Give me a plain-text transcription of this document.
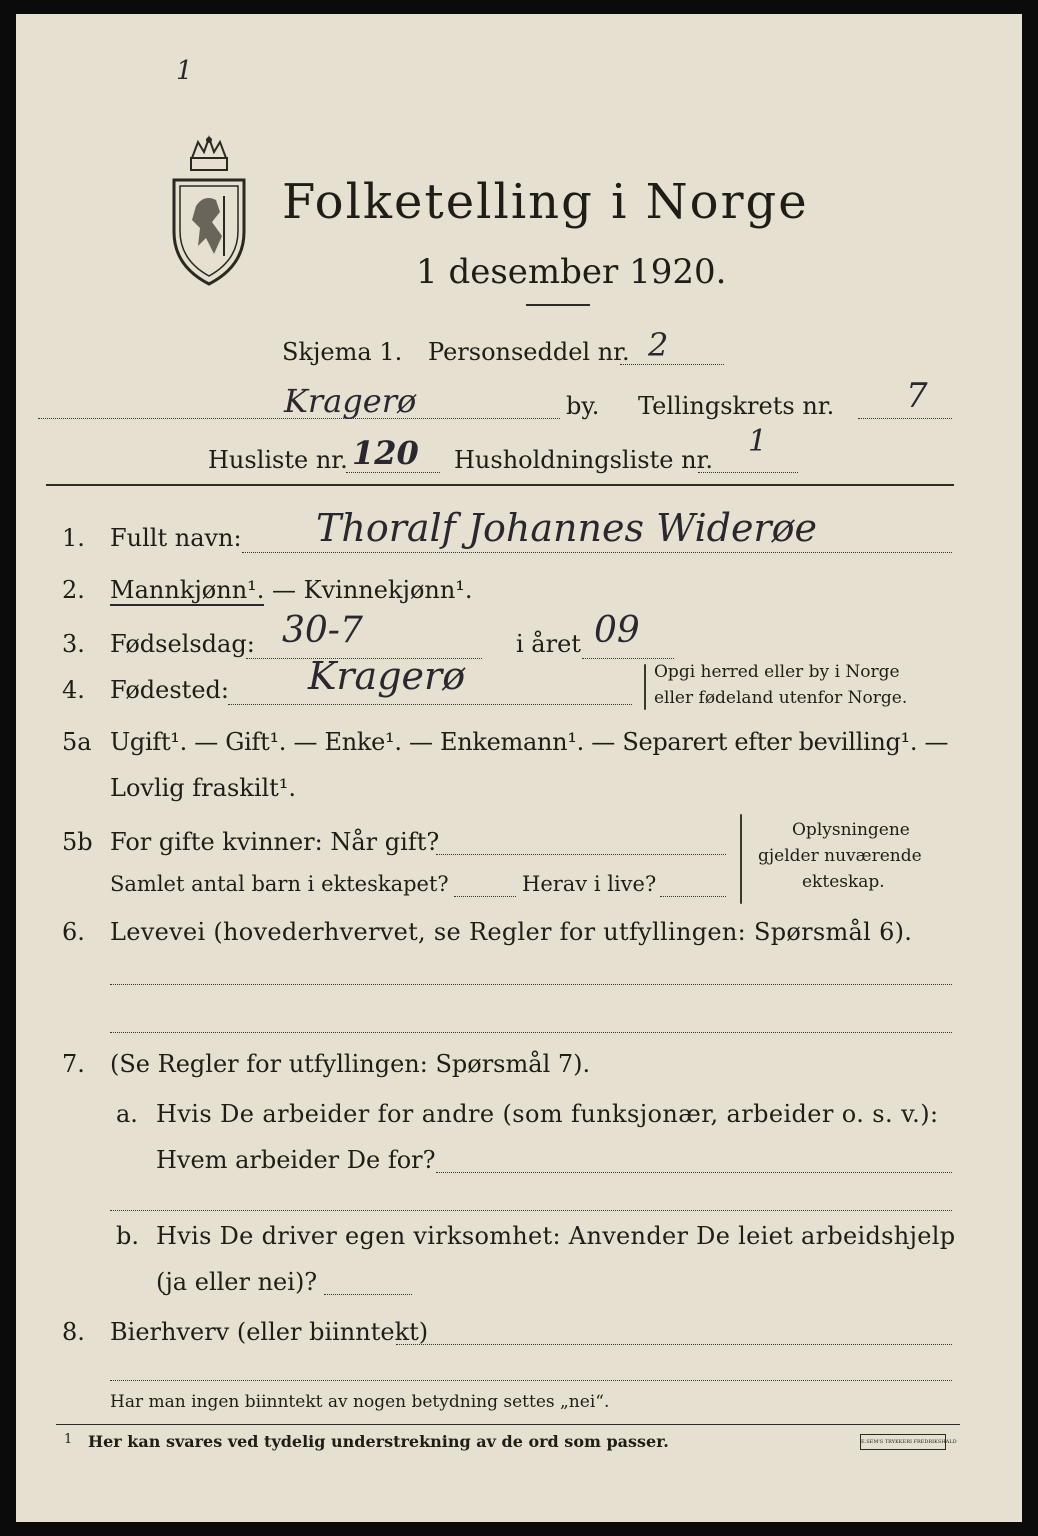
1
Folketelling i Norge
1 desember 1920.
Skjema 1. Personseddel nr. 2
Kragerø	by. Tellingskrets nr. 7
Husliste nr. 120 Husholdningsliste nr.
1
1. Fullt navn: Thoralf Johannes Widerøe
2. Mannkjønn¹. — Kvinnekjønn¹.
3. Fødselsdag: 30-7	i året 09
4. Fødested: Kragerø	Opgi herred eller by i Norge
eller fødeland utenfor Norge.
5a Ugift¹. — Gift¹. — Enke¹. — Enkemann¹. — Separert efter bevilling¹. —
Lovlig fraskilt¹.
5b For gifte kvinner: Når gift?
Samlet antal barn i ekteskapet?	Herav i live?
Oplysningene
gjelder nuværende
ekteskap.
6. Levevei (hovederhvervet, se Regler for utfyllingen: Spørsmål 6).
7. (Se Regler for utfyllingen: Spørsmål 7).
a. Hvis De arbeider for andre (som funksjonær, arbeider o. s. v.):
Hvem arbeider De for?
b. Hvis De driver egen virksomhet: Anvender De leiet arbeidshjelp
(ja eller nei)?
8. Bierhverv (eller biinntekt)
Har man ingen biinntekt av nogen betydning settes „nei“.
1 Her kan svares ved tydelig understrekning av de ord som passer.	E.SEM'S TRYKKERI FREDRIKSHALD
